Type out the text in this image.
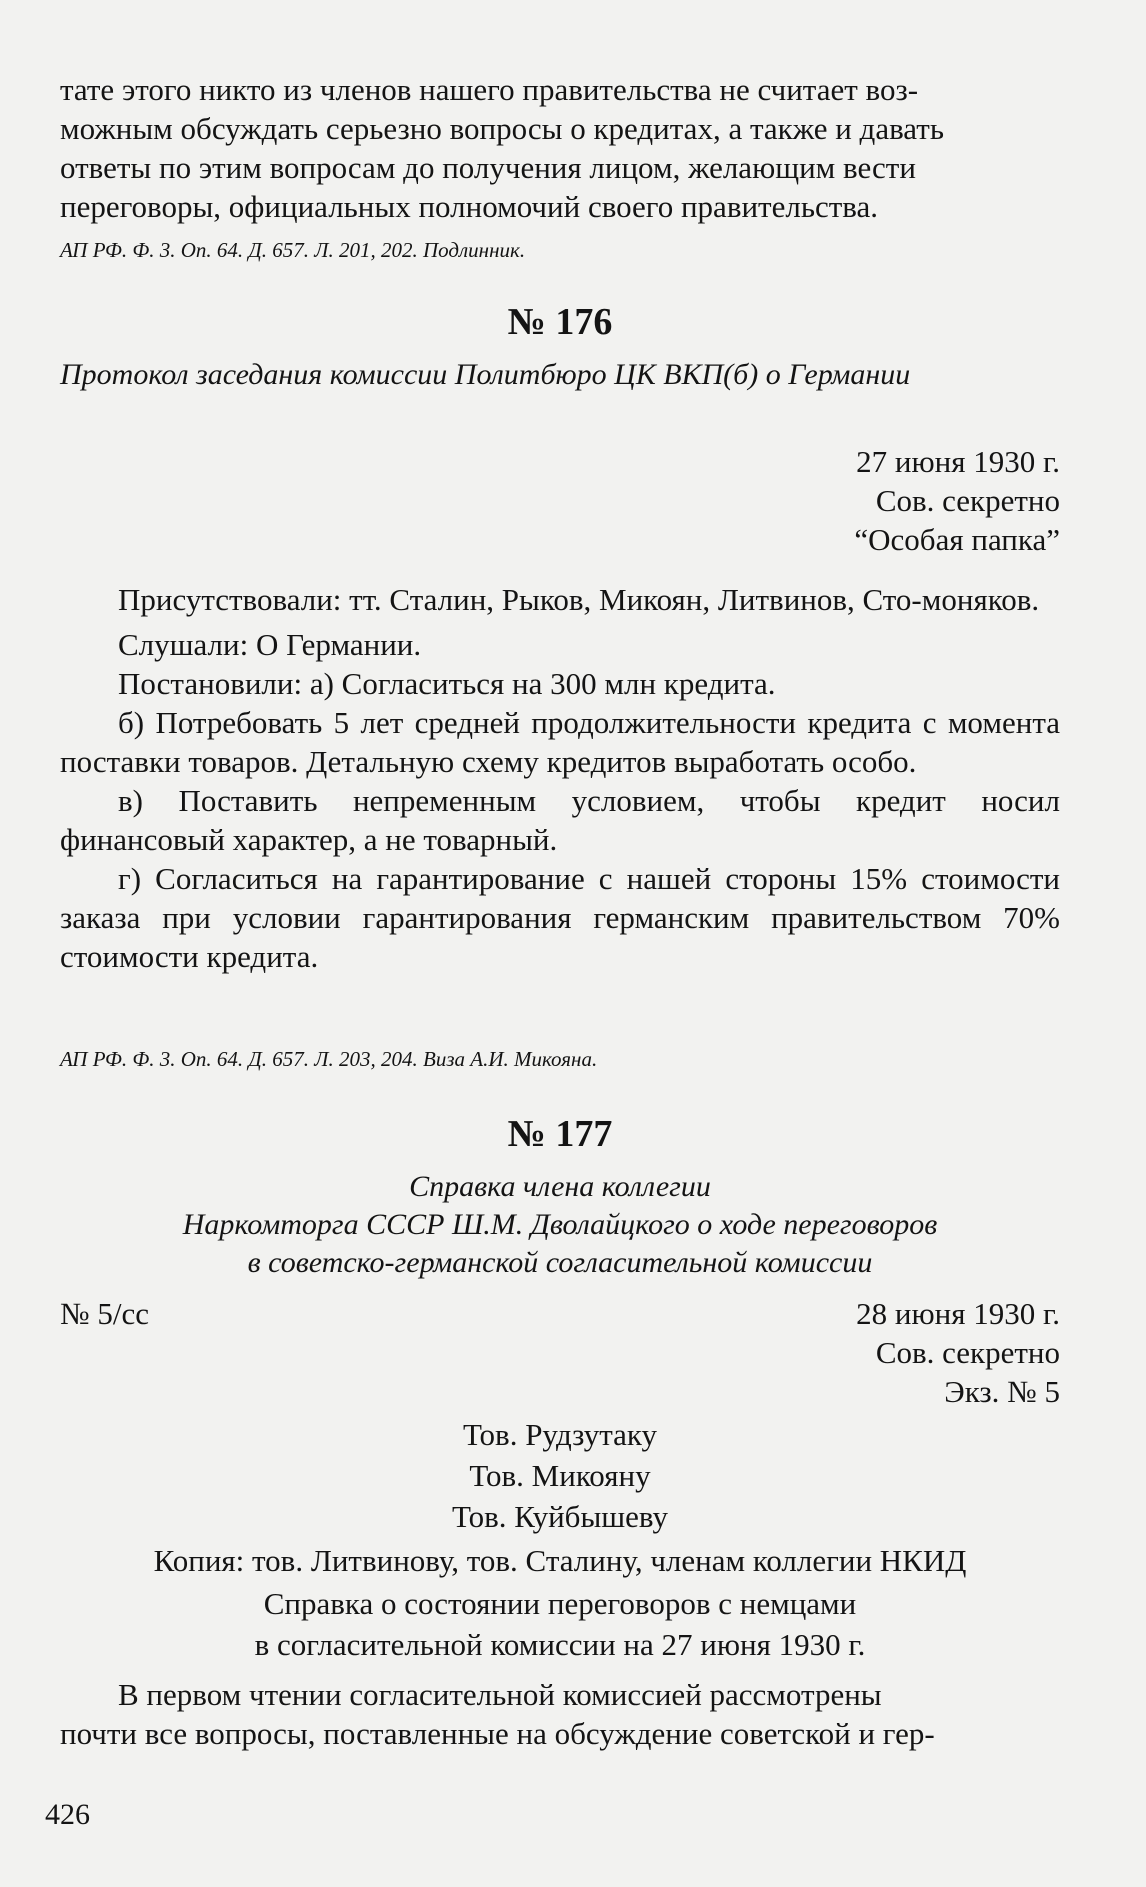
тате этого никто из членов нашего правительства не считает воз-

можным обсуждать серьезно вопросы о кредитах, а также и давать

ответы по этим вопросам до получения лицом, желающим вести

переговоры, официальных полномочий своего правительства.

АП РФ. Ф. 3. Оп. 64. Д. 657. Л. 201, 202. Подлинник.

№ 176

Протокол заседания комиссии Политбюро ЦК ВКП(б) о Германии

27 июня 1930 г.

Сов. секретно

“Особая папка”

Присутствовали: тт. Сталин, Рыков, Микоян, Литвинов, Сто-моняков.

Слушали: О Германии.

Постановили: а) Согласиться на 300 млн кредита.

б) Потребовать 5 лет средней продолжительности кредита с момента поставки товаров. Детальную схему кредитов выработать особо.

в) Поставить непременным условием, чтобы кредит носил финансовый характер, а не товарный.

г) Согласиться на гарантирование с нашей стороны 15% стоимости заказа при условии гарантирования германским правительством 70% стоимости кредита.

АП РФ. Ф. 3. Оп. 64. Д. 657. Л. 203, 204. Виза А.И. Микояна.

№ 177

Справка члена коллегии

Наркомторга СССР Ш.М. Дволайцкого о ходе переговоров

в советско-германской согласительной комиссии

№ 5/сс	28 июня 1930 г.

Сов. секретно

Экз. № 5

Тов. Рудзутаку

Тов. Микояну

Тов. Куйбышеву

Копия: тов. Литвинову, тов. Сталину, членам коллегии НКИД

Справка о состоянии переговоров с немцами

в согласительной комиссии на 27 июня 1930 г.

В первом чтении согласительной комиссией рассмотрены

почти все вопросы, поставленные на обсуждение советской и гер-

426
